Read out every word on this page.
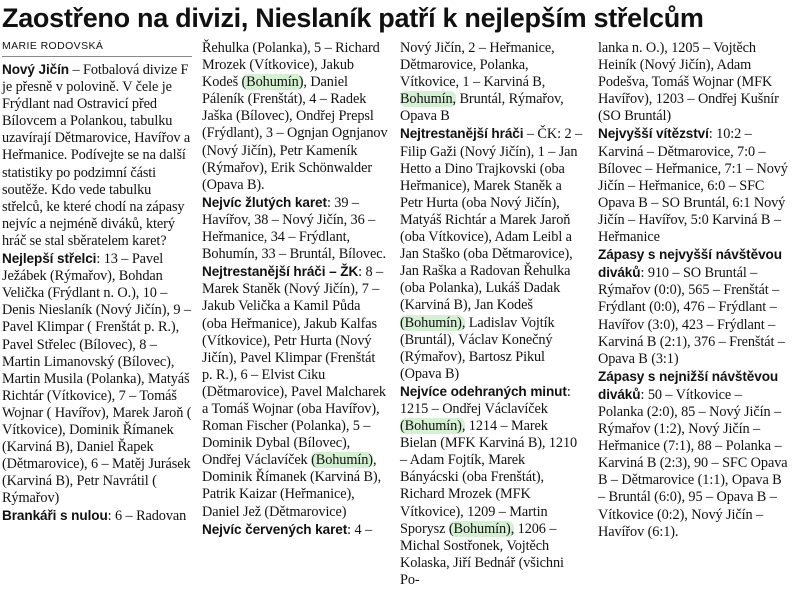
Zaostřeno na divizi, Nieslaník patří k nejlepším střelcům
MARIE RODOVSKÁ

Nový Jičín – Fotbalová divize F je přesně v polovině. V čele je Frýdlant nad Ostravicí před Bílovcem a Polankou, tabulku uzavírají Dětmarovice, Havířov a Heřmanice. Podívejte se na další statistiky po podzimní části soutěže. Kdo vede tabulku střelců, ke které chodí na zápasy nejvíc a nejméně diváků, který hráč se stal sběratelem karet?

Nejlepší střelci: 13 – Pavel Ježábek (Rýmařov), Bohdan Velička (Frýdlant n. O.), 10 – Denis Nieslaník (Nový Jičín), 9 – Pavel Klimpar ( Frenštát p. R.), Pavel Střelec (Bílovec), 8 – Martin Limanovský (Bílovec), Martin Musila (Polanka), Matyáš Richtár (Vítkovice), 7 – Tomáš Wojnar ( Havířov), Marek Jaroň ( Vítkovice), Dominik Římanek (Karviná B), Daniel Řapek (Dětmarovice), 6 – Matěj Jurásek (Karviná B), Petr Navrátil ( Rýmařov)

Brankáři s nulou: 6 – Radovan

Řehulka (Polanka), 5 – Richard Mrozek (Vítkovice), Jakub Kodeš (Bohumín), Daniel Páleník (Frenštát), 4 – Radek Jaška (Bílovec), Ondřej Prepsl (Frýdlant), 3 – Ognjan Ognjanov (Nový Jičín), Petr Kameník (Rýmařov), Erik Schönwalder (Opava B).

Nejvíc žlutých karet: 39 – Havířov, 38 – Nový Jičín, 36 – Heřmanice, 34 – Frýdlant, Bohumín, 33 – Bruntál, Bílovec.

Nejtrestanější hráči – ŽK: 8 – Marek Staněk (Nový Jičín), 7 – Jakub Velička a Kamil Půda (oba Heřmanice), Jakub Kalfas (Vítkovice), Petr Hurta (Nový Jičín), Pavel Klimpar (Frenštát p. R.), 6 – Elvist Ciku (Dětmarovice), Pavel Malcharek a Tomáš Wojnar (oba Havířov), Roman Fischer (Polanka), 5 – Dominik Dybal (Bílovec), Ondřej Václavíček (Bohumín), Dominik Římanek (Karviná B), Patrik Kaizar (Heřmanice), Daniel Jež (Dětmarovice)

Nejvíc červených karet: 4 –

Nový Jičín, 2 – Heřmanice, Dětmarovice, Polanka, Vítkovice, 1 – Karviná B, Bohumín, Bruntál, Rýmařov, Opava B

Nejtrestanější hráči – ČK: 2 – Filip Gaži (Nový Jičín), 1 – Jan Hetto a Dino Trajkovski (oba Heřmanice), Marek Staněk a Petr Hurta (oba Nový Jičín), Matyáš Richtár a Marek Jaroň (oba Vítkovice), Adam Leibl a Jan Staško (oba Dětmarovice), Jan Raška a Radovan Řehulka (oba Polanka), Lukáš Dadak (Karviná B), Jan Kodeš (Bohumín), Ladislav Vojtík (Bruntál), Václav Konečný (Rýmařov), Bartosz Pikul (Opava B)

Nejvíce odehraných minut: 1215 – Ondřej Václavíček (Bohumín), 1214 – Marek Bielan (MFK Karviná B), 1210 – Adam Fojtík, Marek Bányácski (oba Frenštát), Richard Mrozek (MFK Vítkovice), 1209 – Martin Sporysz (Bohumín), 1206 – Michal Sostřonek, Vojtěch Kolaska, Jiří Bednář (všichni Po-

lanka n. O.), 1205 – Vojtěch Heiník (Nový Jičín), Adam Podešva, Tomáš Wojnar (MFK Havířov), 1203 – Ondřej Kušnír (SO Bruntál)

Nejvyšší vítězství: 10:2 – Karviná – Dětmarovice, 7:0 – Bílovec – Heřmanice, 7:1 – Nový Jičín – Heřmanice, 6:0 – SFC Opava B – SO Bruntál, 6:1 Nový Jičín – Havířov, 5:0 Karviná B – Heřmanice

Zápasy s nejvyšší návštěvou diváků: 910 – SO Bruntál – Rýmařov (0:0), 565 – Frenštát – Frýdlant (0:0), 476 – Frýdlant – Havířov (3:0), 423 – Frýdlant – Karviná B (2:1), 376 – Frenštát – Opava B (3:1)

Zápasy s nejnižší návštěvou diváků: 50 – Vítkovice – Polanka (2:0), 85 – Nový Jičín – Rýmařov (1:2), Nový Jičín – Heřmanice (7:1), 88 – Polanka – Karviná B (2:3), 90 – SFC Opava B – Dětmarovice (1:1), Opava B – Bruntál (6:0), 95 – Opava B – Vítkovice (0:2), Nový Jičín – Havířov (6:1).
